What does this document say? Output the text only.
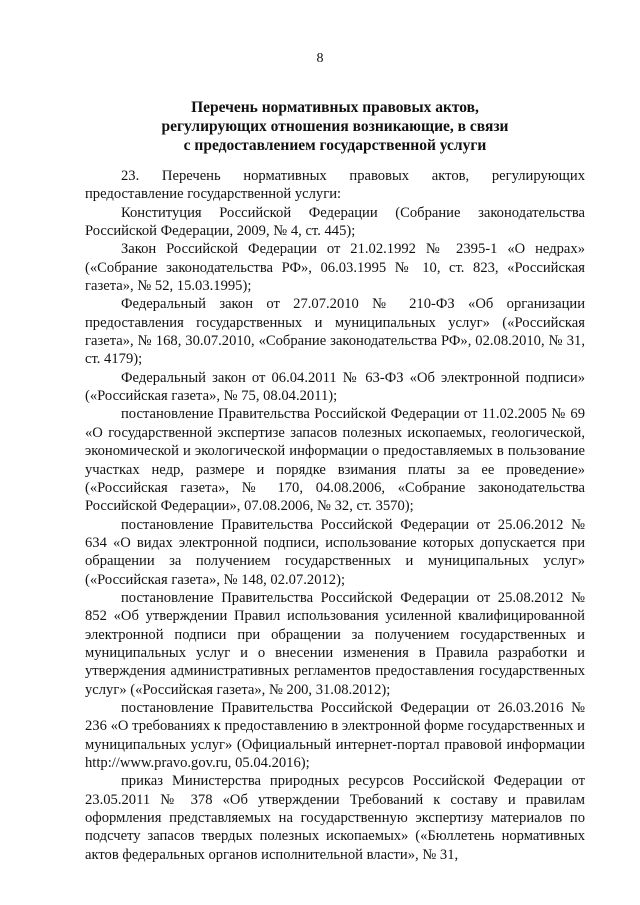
8
Перечень нормативных правовых актов,
регулирующих отношения возникающие, в связи
с предоставлением государственной услуги

23. Перечень нормативных правовых актов, регулирующих предоставление государственной услуги:

Конституция Российской Федерации (Собрание законодательства Российской Федерации, 2009, № 4, ст. 445);

Закон Российской Федерации от 21.02.1992 № 2395-1 «О недрах» («Собрание законодательства РФ», 06.03.1995 № 10, ст. 823, «Российская газета», № 52, 15.03.1995);

Федеральный закон от 27.07.2010 № 210-ФЗ «Об организации предоставления государственных и муниципальных услуг» («Российская газета», № 168, 30.07.2010, «Собрание законодательства РФ», 02.08.2010, № 31, ст. 4179);

Федеральный закон от 06.04.2011 № 63-ФЗ «Об электронной подписи» («Российская газета», № 75, 08.04.2011);

постановление Правительства Российской Федерации от 11.02.2005 № 69 «О государственной экспертизе запасов полезных ископаемых, геологической, экономической и экологической информации о предоставляемых в пользование участках недр, размере и порядке взимания платы за ее проведение» («Российская газета», № 170, 04.08.2006, «Собрание законодательства Российской Федерации», 07.08.2006, № 32, ст. 3570);

постановление Правительства Российской Федерации от 25.06.2012 № 634 «О видах электронной подписи, использование которых допускается при обращении за получением государственных и муниципальных услуг» («Российская газета», № 148, 02.07.2012);

постановление Правительства Российской Федерации от 25.08.2012 № 852 «Об утверждении Правил использования усиленной квалифицированной электронной подписи при обращении за получением государственных и муниципальных услуг и о внесении изменения в Правила разработки и утверждения административных регламентов предоставления государственных услуг» («Российская газета», № 200, 31.08.2012);

постановление Правительства Российской Федерации от 26.03.2016 № 236 «О требованиях к предоставлению в электронной форме государственных и муниципальных услуг» (Официальный интернет-портал правовой информации http://www.pravo.gov.ru, 05.04.2016);

приказ Министерства природных ресурсов Российской Федерации от 23.05.2011 № 378 «Об утверждении Требований к составу и правилам оформления представляемых на государственную экспертизу материалов по подсчету запасов твердых полезных ископаемых» («Бюллетень нормативных актов федеральных органов исполнительной власти», № 31,
